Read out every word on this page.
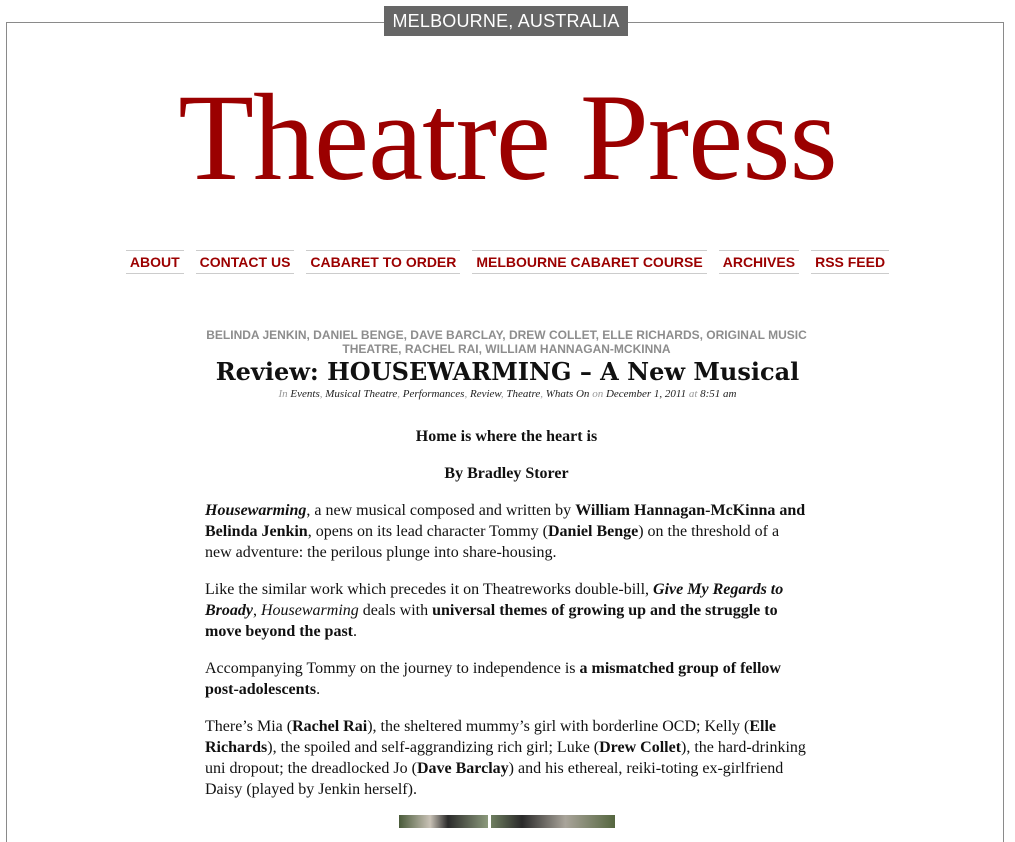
MELBOURNE, AUSTRALIA
Theatre Press
ABOUT CONTACT US CABARET TO ORDER MELBOURNE CABARET COURSE ARCHIVES RSS FEED
BELINDA JENKIN, DANIEL BENGE, DAVE BARCLAY, DREW COLLET, ELLE RICHARDS, ORIGINAL MUSIC THEATRE, RACHEL RAI, WILLIAM HANNAGAN-MCKINNA
Review: HOUSEWARMING – A New Musical
In Events, Musical Theatre, Performances, Review, Theatre, Whats On on December 1, 2011 at 8:51 am

Home is where the heart is

By Bradley Storer

Housewarming, a new musical composed and written by William Hannagan-McKinna and Belinda Jenkin, opens on its lead character Tommy (Daniel Benge) on the threshold of a new adventure: the perilous plunge into share-housing.

Like the similar work which precedes it on Theatreworks double-bill, Give My Regards to Broady, Housewarming deals with universal themes of growing up and the struggle to move beyond the past.

Accompanying Tommy on the journey to independence is a mismatched group of fellow post-adolescents.

There’s Mia (Rachel Rai), the sheltered mummy’s girl with borderline OCD; Kelly (Elle Richards), the spoiled and self-aggrandizing rich girl; Luke (Drew Collet), the hard-drinking uni dropout; the dreadlocked Jo (Dave Barclay) and his ethereal, reiki-toting ex-girlfriend Daisy (played by Jenkin herself).
